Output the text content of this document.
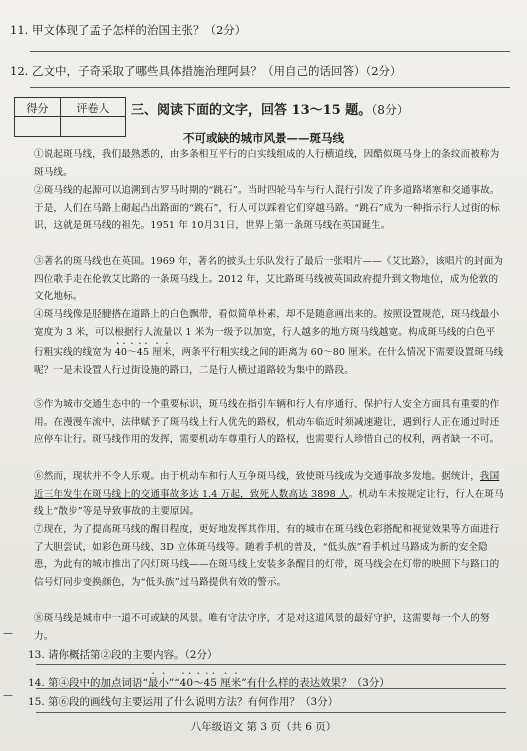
11. 甲文体现了孟子怎样的治国主张？（2分）
12. 乙文中，子奇采取了哪些具体措施治理阿县？（用自己的话回答）（2分）
得分	评卷人	三、阅读下面的文字，回答 13～15 题。（8分）
不可或缺的城市风景——斑马线
①说起斑马线，我们最熟悉的，由多条相互平行的白实线组成的人行横道线，因酷似斑马身上的条纹而被称为斑马线。
②斑马线的起源可以追溯到古罗马时期的“跳石”。当时四轮马车与行人混行引发了许多道路堵塞和交通事故。于是，人们在马路上砌起凸出路面的“跳石”，行人可以踩着它们穿越马路。“跳石”成为一种指示行人过街的标识，这就是斑马线的祖先。1951 年 10月31日，世界上第一条斑马线在英国诞生。
③著名的斑马线也在英国。1969 年，著名的披头士乐队发行了最后一张唱片——《艾比路》，该唱片的封面为四位歌手走在伦敦艾比路的一条斑马线上。2012 年，艾比路斑马线被英国政府提升到文物地位，成为伦敦的文化地标。
④斑马线像是胫腱搭在道路上的白色飘带，看似简单朴素，却不是随意画出来的。按照设置规范，斑马线最小宽度为 3 米，可以根据行人流量以 1 米为一级予以加宽，行人越多的地方斑马线越宽。构成斑马线的白色平行粗实线的线宽为 40～45 厘米，两条平行粗实线之间的距离为 60～80 厘米。在什么情况下需要设置斑马线呢？一是未设置人行过街设施的路口，二是行人横过道路较为集中的路段。
⑤作为城市交通生态中的一个重要标识，斑马线在指引车辆和行人有序通行、保护行人安全方面具有重要的作用。在漫漫车流中，法律赋予了斑马线上行人优先的路权，机动车临近时须减速避让，遇到行人正在通过时还应停车让行。斑马线作用的发挥，需要机动车尊重行人的路权，也需要行人珍惜自己的权利，两者缺一不可。
⑥然而，现状并不令人乐观。由于机动车和行人互争斑马线，致使斑马线成为交通事故多发地。据统计，我国近三年发生在斑马线上的交通事故多达 1.4 万起，致死人数高达 3898 人。机动车未按规定让行，行人在斑马线上“散步”等是导致事故的主要原因。
⑦现在，为了提高斑马线的醒目程度，更好地发挥其作用，有的城市在斑马线色彩搭配和视觉效果等方面进行了大胆尝试，如彩色斑马线、3D 立体斑马线等。随着手机的普及，“低头族”看手机过马路成为新的安全隐患，为此有的城市推出了闪灯斑马线——在斑马线上安装多条醒目的灯带，斑马线会在灯带的映照下与路口的信号灯同步变换颜色，为“低头族”过马路提供有效的警示。
⑧斑马线是城市中一道不可或缺的风景。唯有守法守序，才是对这道风景的最好守护，这需要每一个人的努力。
13. 请你概括第②段的主要内容。（2分）
14. 第④段中的加点词语“最小”“40～45 厘米”有什么样的表达效果？（3分）
15. 第⑥段的画线句主要运用了什么说明方法？有何作用？（3分）
—
—
八年级语文 第 3 页（共 6 页）
